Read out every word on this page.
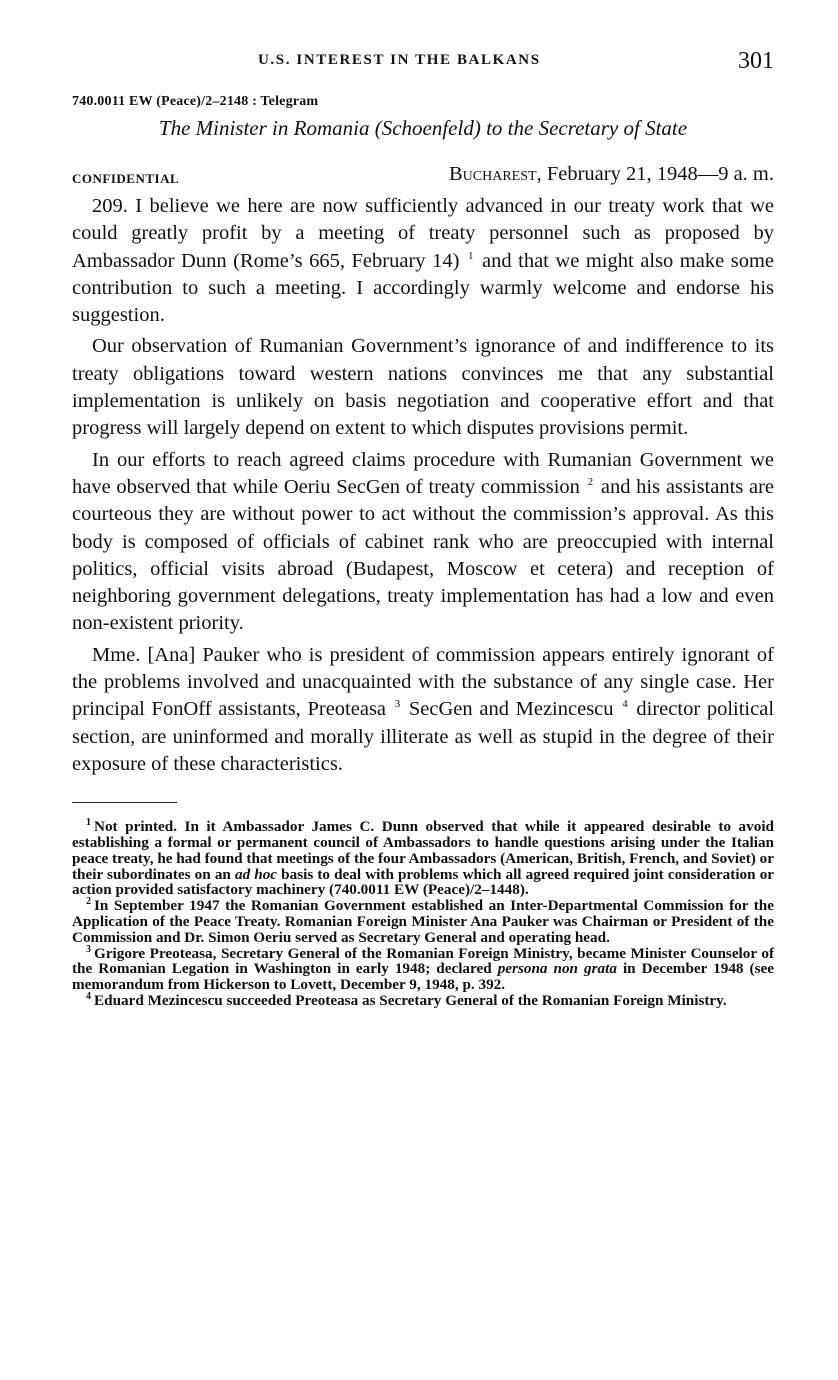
U.S. INTEREST IN THE BALKANS	301
740.0011 EW (Peace)/2–2148 : Telegram
The Minister in Romania (Schoenfeld) to the Secretary of State
CONFIDENTIAL	Bucharest, February 21, 1948—9 a. m.

209. I believe we here are now sufficiently advanced in our treaty work that we could greatly profit by a meeting of treaty personnel such as proposed by Ambassador Dunn (Rome’s 665, February 14) $^1$ and that we might also make some contribution to such a meeting. I accordingly warmly welcome and endorse his suggestion.

Our observation of Rumanian Government’s ignorance of and indifference to its treaty obligations toward western nations convinces me that any substantial implementation is unlikely on basis negotiation and cooperative effort and that progress will largely depend on extent to which disputes provisions permit.

In our efforts to reach agreed claims procedure with Rumanian Government we have observed that while Oeriu SecGen of treaty commission $^2$ and his assistants are courteous they are without power to act without the commission’s approval. As this body is composed of officials of cabinet rank who are preoccupied with internal politics, official visits abroad (Budapest, Moscow et cetera) and reception of neighboring government delegations, treaty implementation has had a low and even non-existent priority.

Mme. [Ana] Pauker who is president of commission appears entirely ignorant of the problems involved and unacquainted with the substance of any single case. Her principal FonOff assistants, Preoteasa $^3$ SecGen and Mezincescu $^4$ director political section, are uninformed and morally illiterate as well as stupid in the degree of their exposure of these characteristics.

$^1$ Not printed. In it Ambassador James C. Dunn observed that while it appeared desirable to avoid establishing a formal or permanent council of Ambassadors to handle questions arising under the Italian peace treaty, he had found that meetings of the four Ambassadors (American, British, French, and Soviet) or their subordinates on an ad hoc basis to deal with problems which all agreed required joint consideration or action provided satisfactory machinery (740.0011 EW (Peace)/2–1448).

$^2$ In September 1947 the Romanian Government established an Inter-Departmental Commission for the Application of the Peace Treaty. Romanian Foreign Minister Ana Pauker was Chairman or President of the Commission and Dr. Simon Oeriu served as Secretary General and operating head.

$^3$ Grigore Preoteasa, Secretary General of the Romanian Foreign Ministry, became Minister Counselor of the Romanian Legation in Washington in early 1948; declared persona non grata in December 1948 (see memorandum from Hickerson to Lovett, December 9, 1948, p. 392.

$^4$ Eduard Mezincescu succeeded Preoteasa as Secretary General of the Romanian Foreign Ministry.
